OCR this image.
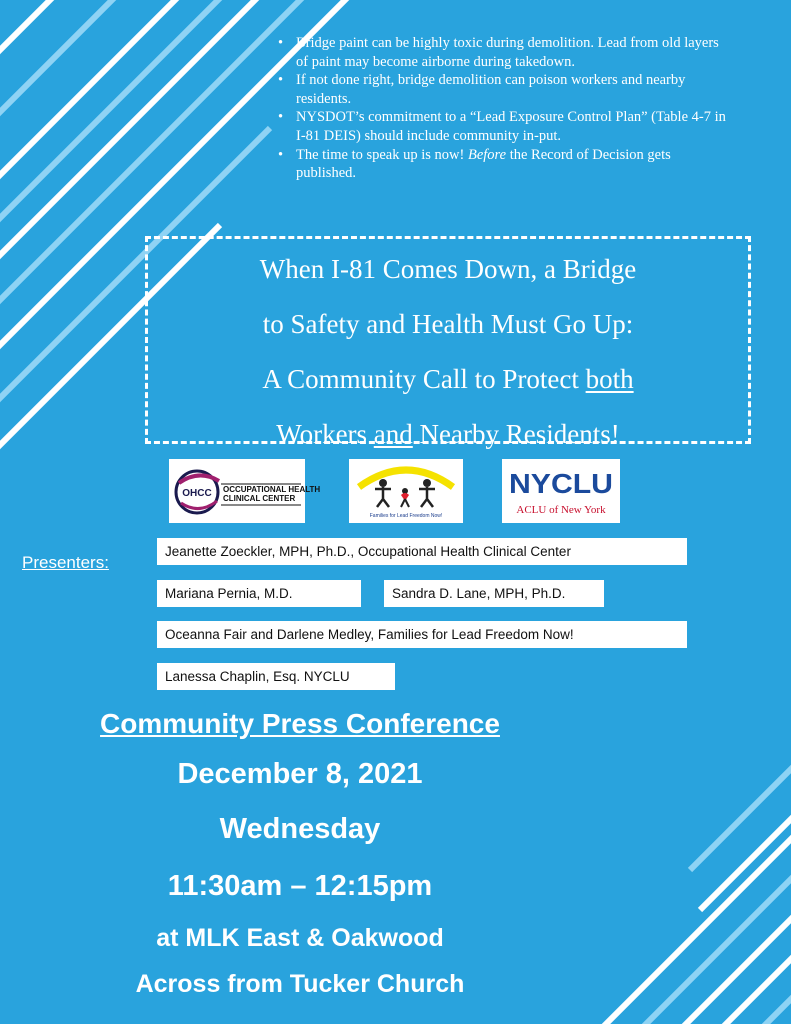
• Bridge paint can be highly toxic during demolition. Lead from old layers of paint may become airborne during takedown.
• If not done right, bridge demolition can poison workers and nearby residents.
• NYSDOT’s commitment to a “Lead Exposure Control Plan” (Table 4-7 in I-81 DEIS) should include community in-put.
• The time to speak up is now! Before the Record of Decision gets published.
When I-81 Comes Down, a Bridge
to Safety and Health Must Go Up:
A Community Call to Protect both
Workers and Nearby Residents!
OHCC OCCUPATIONAL HEALTH
CLINICAL CENTER
Families for Lead Freedom Now!
NYCLU
ACLU of New York
Presenters:
Jeanette Zoeckler, MPH, Ph.D., Occupational Health Clinical Center
Mariana Pernia, M.D.	Sandra D. Lane, MPH, Ph.D.
Oceanna Fair and Darlene Medley, Families for Lead Freedom Now!
Lanessa Chaplin, Esq. NYCLU
Community Press Conference
December 8, 2021
Wednesday
11:30am – 12:15pm
at MLK East & Oakwood
Across from Tucker Church
